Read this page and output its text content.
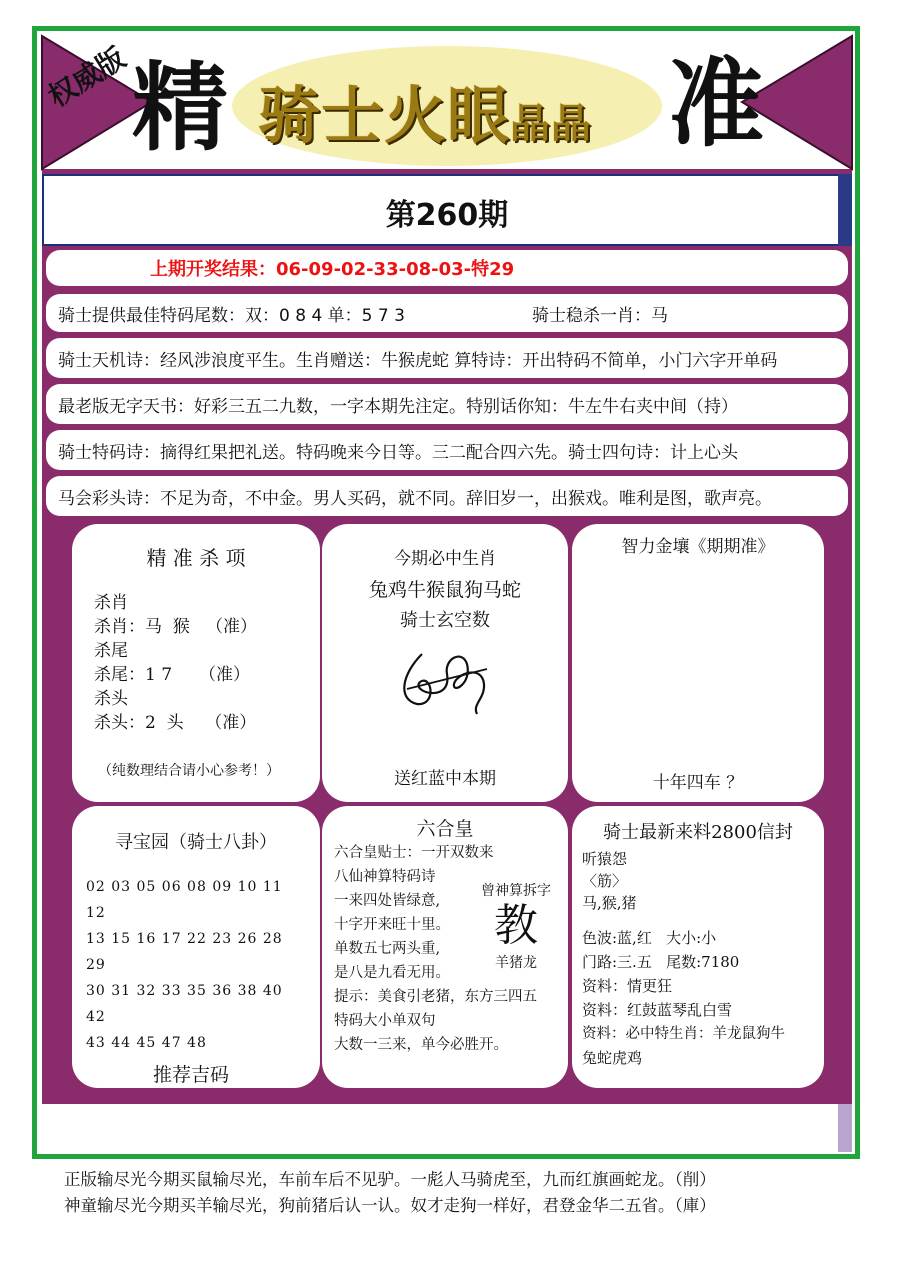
权威版 精	准
骑士火眼晶晶
第260期
上期开奖结果：06-09-02-33-08-03-特29
骑士提供最佳特码尾数：双：0 8 4 单：5 7 3	骑士稳杀一肖：马
骑士天机诗：经风涉浪度平生。生肖赠送：牛猴虎蛇 算特诗：开出特码不简单，小门六字开单码
最老版无字天书：好彩三五二九数，一字本期先注定。特别话你知：牛左牛右夹中间（持）
骑士特码诗：摘得红果把礼送。特码晚来今日等。三二配合四六先。骑士四句诗：计上心头
马会彩头诗：不足为奇，不中金。男人买码，就不同。辞旧岁一，出猴戏。唯利是图，歌声亮。
精 准 杀 项

杀肖

杀肖：马  猴   （准）

杀尾

杀尾：1 7     （准）

杀头

杀头：2  头    （准）

（纯数理结合请小心参考！）

今期必中生肖
兔鸡牛猴鼠狗马蛇
骑士玄空数
送红蓝中本期
智力金壤《期期准》
十年四车 ？
寻宝园（骑士八卦）
02 03 05 06 08 09 10 11 12
13 15 16 17 22 23 26 28 29
30 31 32 33 35 36 38 40 42
43 44 45 47 48
推荐吉码
六合皇

六合皇贴士：一开双数来

八仙神算特码诗

一来四处皆绿意,

十字开来旺十里。

单数五七两头重,

是八是九看无用。

提示：美食引老猪，东方三四五

特码大小单双句

大数一三来，单今必胜开。

曾神算拆字
教
羊猪龙
骑士最新来料2800信封

听猿怨

〈筋〉

马,猴,猪

色波:蓝,红   大小:小

门路:三.五   尾数:7180

资料：情更狂

资料：红鼓蓝琴乱白雪

资料：必中特生肖：羊龙鼠狗牛

兔蛇虎鸡

正版输尽光今期买鼠输尽光，车前车后不见驴。一彪人马骑虎至，九而红旗画蛇龙。（削）
神童输尽光今期买羊输尽光，狗前猪后认一认。奴才走狗一样好，君登金华二五省。（庫）
